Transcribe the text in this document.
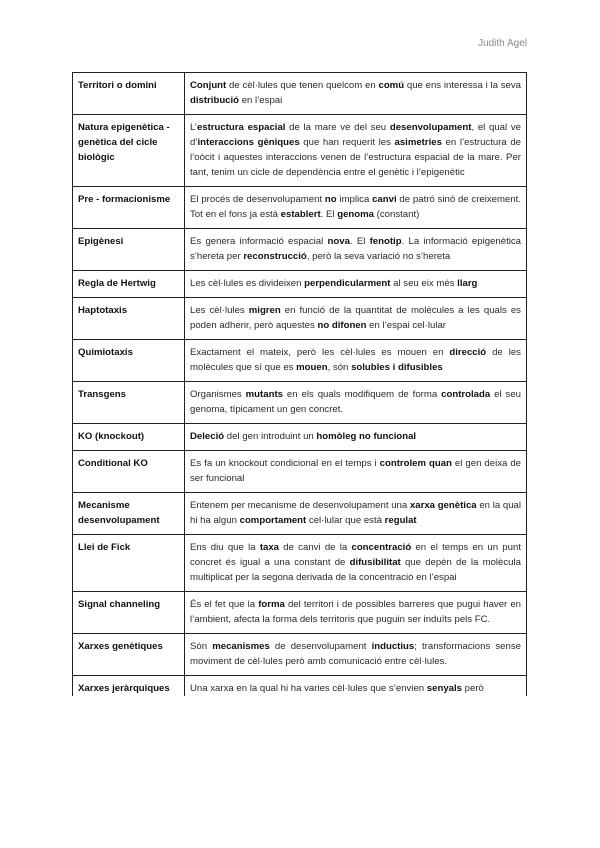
Judith Agel
Territori o domini	Conjunt de cèl·lules que tenen quelcom en comú que ens interessa i la seva distribució en l’espai
Natura epigenètica - genètica del cicle biològic	L’estructura espacial de la mare ve del seu desenvolupament, el qual ve d’interaccions gèniques que han requerit les asimetries en l’estructura de l’oòcit i aquestes interaccions venen de l’estructura espacial de la mare. Per tant, tenim un cicle de dependència entre el genètic i l’epigenètic
Pre - formacionisme	El procés de desenvolupament no implica canvi de patró sinó de creixement. Tot en el fons ja està establert. El genoma (constant)
Epigènesi	Es genera informació espacial nova. El fenotip. La informació epigenètica s’hereta per reconstrucció, però la seva variació no s’hereta
Regla de Hertwig	Les cèl·lules es divideixen perpendicularment al seu eix més llarg
Haptotaxis	Les cèl·lules migren en funció de la quantitat de molècules a les quals es poden adherir, però aquestes no difonen en l’espai cel·lular
Quimiotaxis	Exactament el mateix, però les cèl·lules es mouen en direcció de les molècules que sí que es mouen, són solubles i difusibles
Transgens	Organismes mutants en els quals modifiquem de forma controlada el seu genoma, típicament un gen concret.
KO (knockout)	Deleció del gen introduint un homòleg no funcional
Conditional KO	Es fa un knockout condicional en el temps i controlem quan el gen deixa de ser funcional
Mecanisme desenvolupament	Entenem per mecanisme de desenvolupament una xarxa genètica en la qual hi ha algun comportament cel·lular que està regulat
Llei de Fick	Ens diu que la taxa de canvi de la concentració en el temps en un punt concret és igual a una constant de difusibilitat que depèn de la molècula multiplicat per la segona derivada de la concentració en l’espai
Signal channeling	És el fet que la forma del territori i de possibles barreres que pugui haver en l’ambient, afecta la forma dels territoris que puguin ser induïts pels FC.
Xarxes genètiques	Són mecanismes de desenvolupament inductius; transformacions sense moviment de cèl·lules però amb comunicació entre cèl·lules.
Xarxes jeràrquiques	Una xarxa en la qual hi ha varies cèl·lules que s’envien senyals però
